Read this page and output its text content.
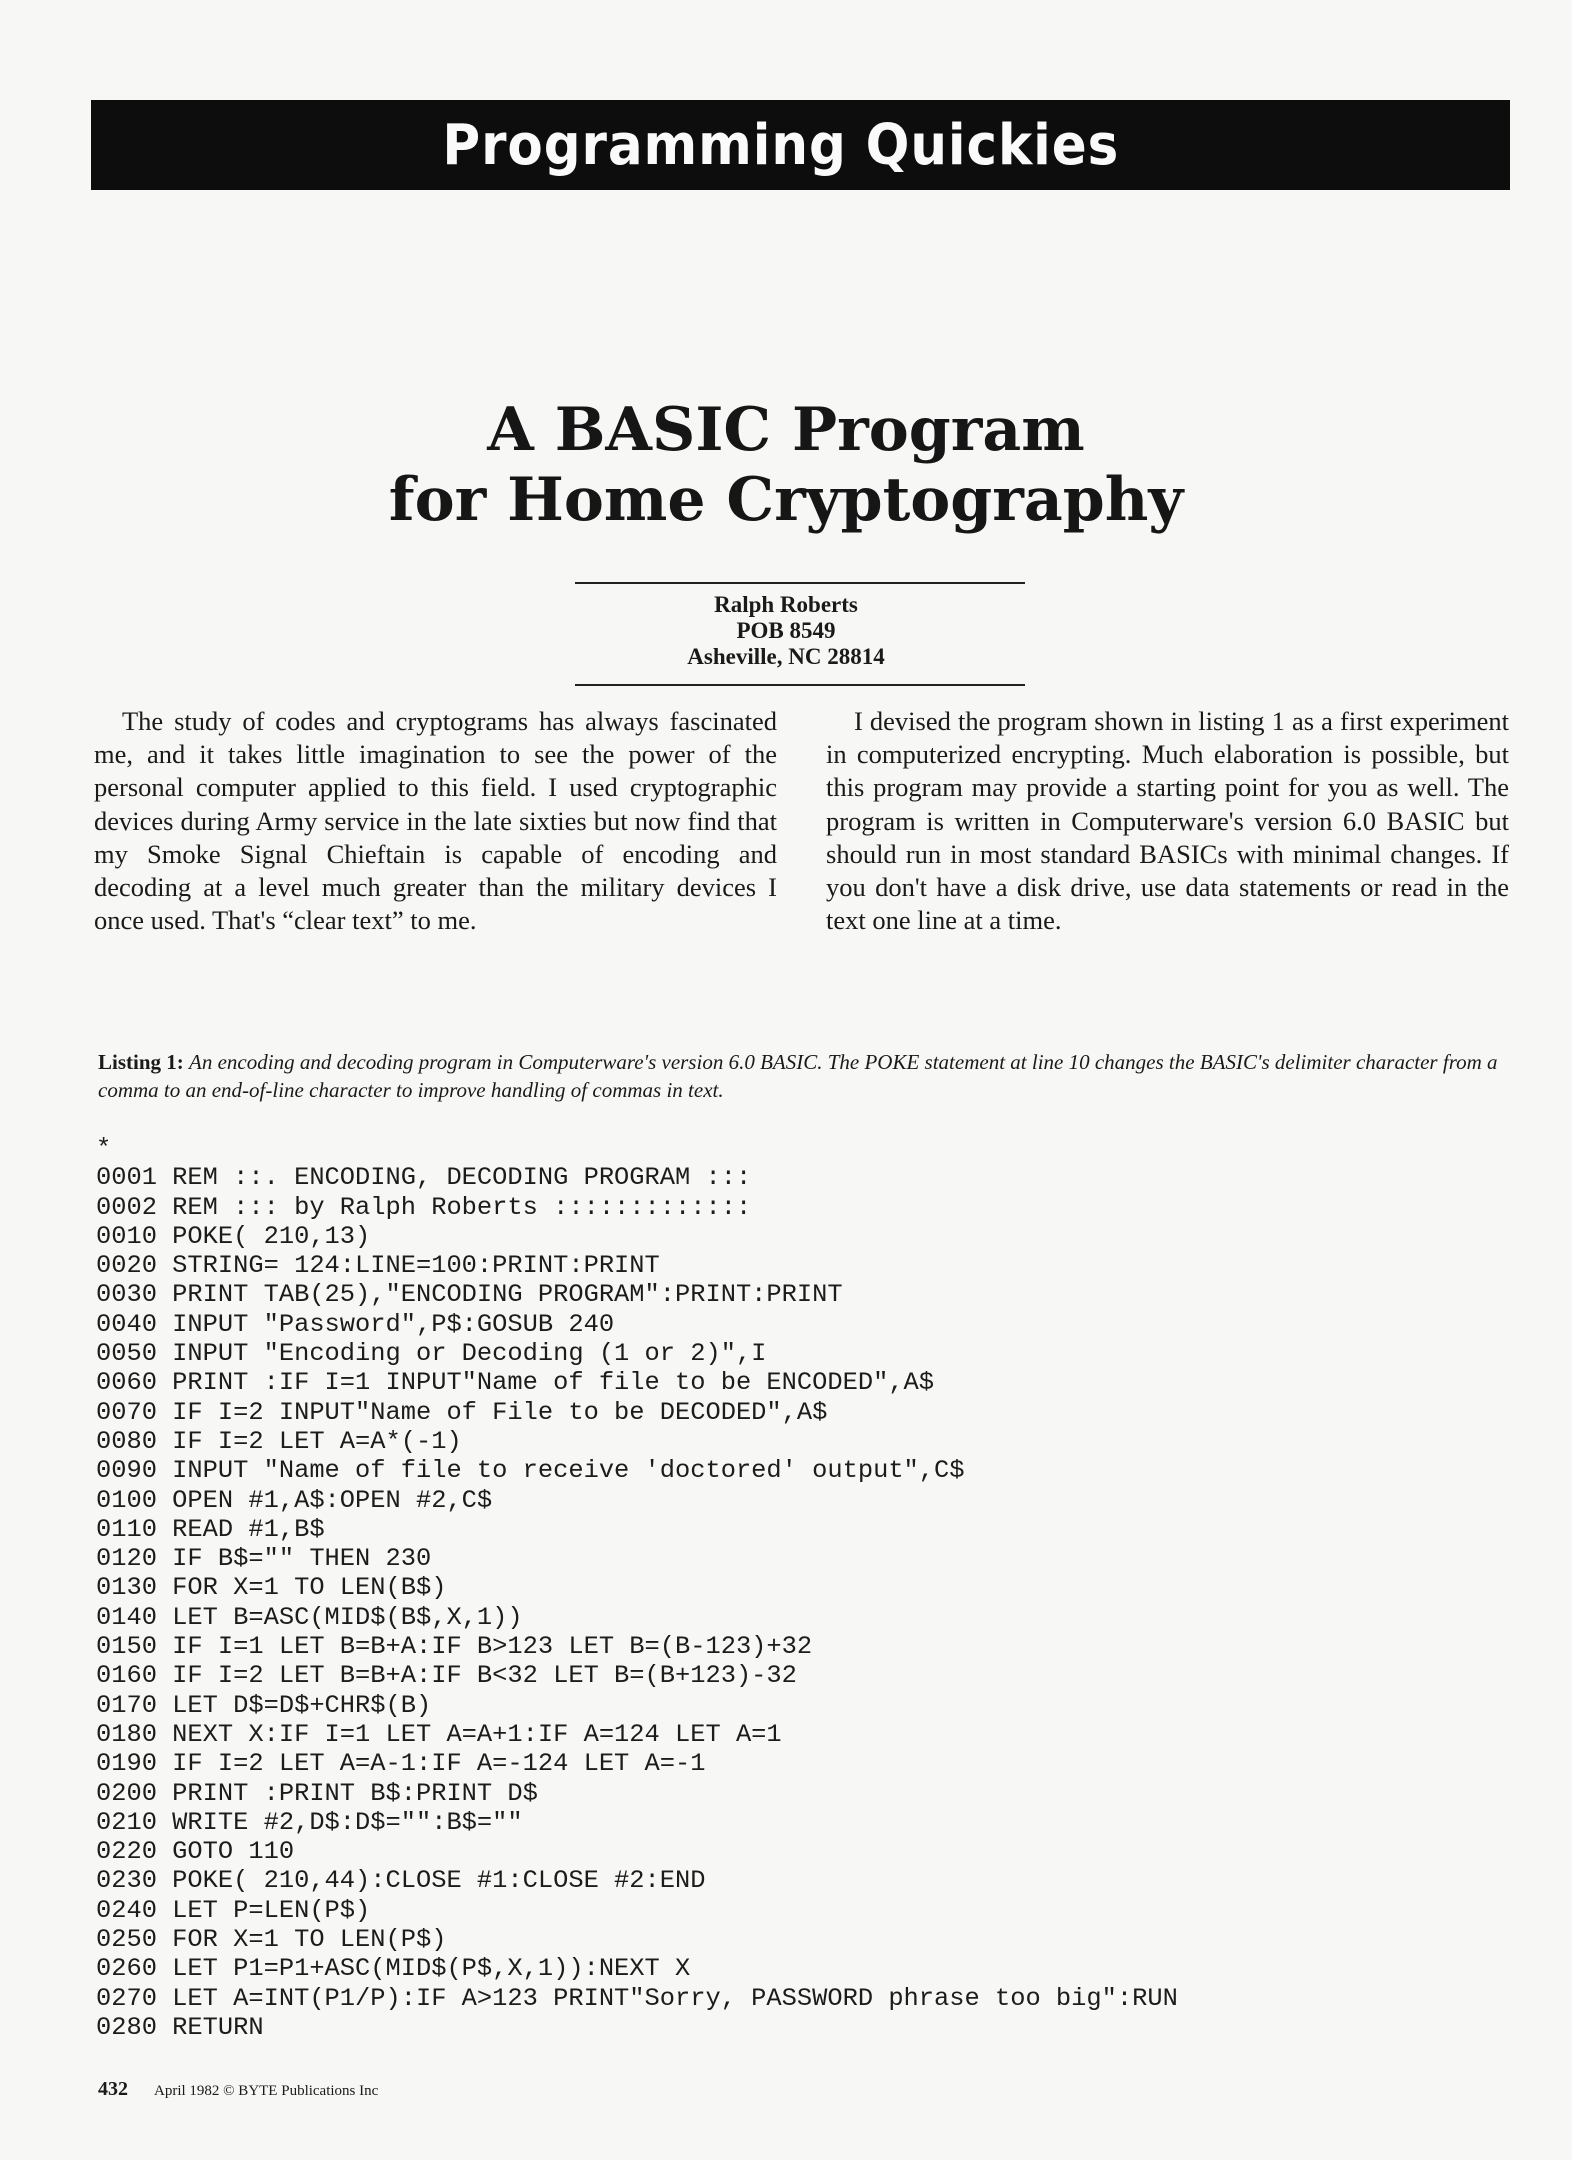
Programming Quickies
A BASIC Program
for Home Cryptography
Ralph Roberts
POB 8549
Asheville, NC 28814

The study of codes and cryptograms has always fascinated me, and it takes little imagination to see the power of the personal computer applied to this field. I used cryptographic devices during Army service in the late sixties but now find that my Smoke Signal Chieftain is capable of encoding and decoding at a level much greater than the military devices I once used. That's “clear text” to me.

I devised the program shown in listing 1 as a first experiment in computerized encrypting. Much elaboration is possible, but this program may provide a starting point for you as well. The program is written in Computerware's version 6.0 BASIC but should run in most standard BASICs with minimal changes. If you don't have a disk drive, use data statements or read in the text one line at a time.

Listing 1: An encoding and decoding program in Computerware's version 6.0 BASIC. The POKE statement at line 10 changes the BASIC's delimiter character from a comma to an end-of-line character to improve handling of commas in text.
*
0001 REM ::. ENCODING, DECODING PROGRAM :::
0002 REM ::: by Ralph Roberts :::::::::::::
0010 POKE( 210,13)
0020 STRING= 124:LINE=100:PRINT:PRINT
0030 PRINT TAB(25),"ENCODING PROGRAM":PRINT:PRINT
0040 INPUT "Password",P$:GOSUB 240
0050 INPUT "Encoding or Decoding (1 or 2)",I
0060 PRINT :IF I=1 INPUT"Name of file to be ENCODED",A$
0070 IF I=2 INPUT"Name of File to be DECODED",A$
0080 IF I=2 LET A=A*(-1)
0090 INPUT "Name of file to receive 'doctored' output",C$
0100 OPEN #1,A$:OPEN #2,C$
0110 READ #1,B$
0120 IF B$="" THEN 230
0130 FOR X=1 TO LEN(B$)
0140 LET B=ASC(MID$(B$,X,1))
0150 IF I=1 LET B=B+A:IF B>123 LET B=(B-123)+32
0160 IF I=2 LET B=B+A:IF B<32 LET B=(B+123)-32
0170 LET D$=D$+CHR$(B)
0180 NEXT X:IF I=1 LET A=A+1:IF A=124 LET A=1
0190 IF I=2 LET A=A-1:IF A=-124 LET A=-1
0200 PRINT :PRINT B$:PRINT D$
0210 WRITE #2,D$:D$="":B$=""
0220 GOTO 110
0230 POKE( 210,44):CLOSE #1:CLOSE #2:END
0240 LET P=LEN(P$)
0250 FOR X=1 TO LEN(P$)
0260 LET P1=P1+ASC(MID$(P$,X,1)):NEXT X
0270 LET A=INT(P1/P):IF A>123 PRINT"Sorry, PASSWORD phrase too big":RUN
0280 RETURN
432 April 1982 © BYTE Publications Inc
